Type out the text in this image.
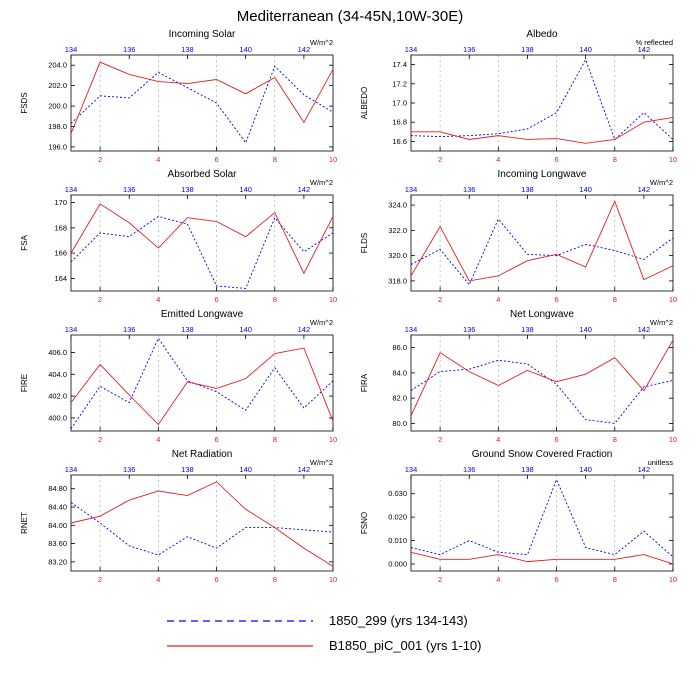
Mediterranean (34-45N,10W-30E)
Incoming Solar
W/m^2
196.0
198.0
200.0
202.0
204.0
134	136	138	140	142
2	4	6	8	10
FSDS
Albedo
% reflected
16.6
16.8
17.0
17.2
17.4
134	136	138	140	142
2	4	6	8	10
ALBEDO
Absorbed Solar
W/m^2
164
166
168
170
134	136	138	140	142
2	4	6	8	10
FSA
Incoming Longwave
W/m^2
318.0
320.0
322.0
324.0
134	136	138	140	142
2	4	6	8	10
FLDS
Emitted Longwave
W/m^2
400.0
402.0
404.0
406.0
134	136	138	140	142
2	4	6	8	10
FIRE
Net Longwave
W/m^2
80.0
82.0
84.0
86.0
134	136	138	140	142
2	4	6	8	10
FIRA
Net Radiation
W/m^2
83.20
83.60
84.00
84.40
84.80
134	136	138	140	142
2	4	6	8	10
RNET
Ground Snow Covered Fraction
unitless
0.000
0.010
0.020
0.030
134	136	138	140	142
2	4	6	8	10
FSNO
1850_299 (yrs 134-143)
B1850_piC_001 (yrs 1-10)
